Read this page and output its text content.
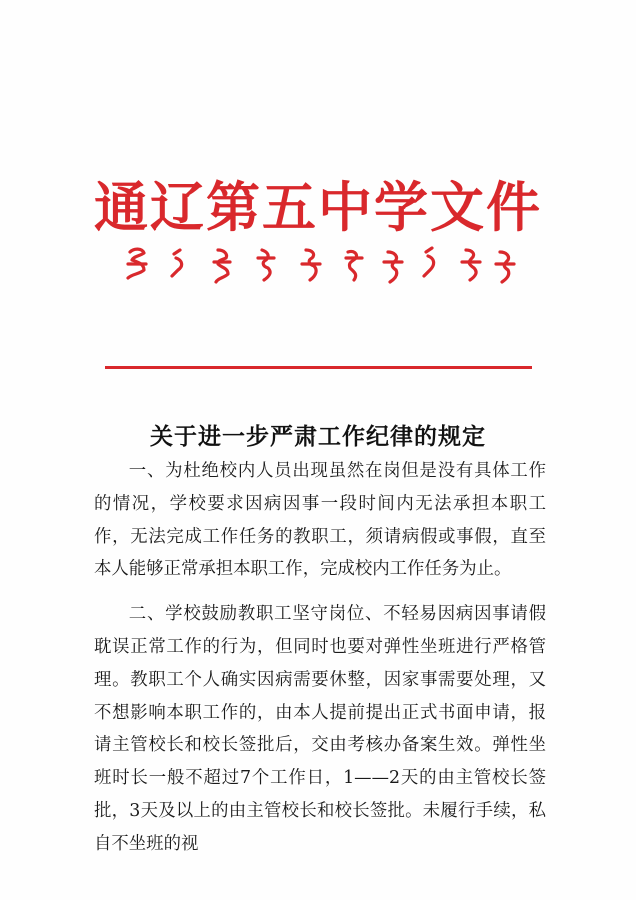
通辽第五中学文件
关于进一步严肃工作纪律的规定

一、为杜绝校内人员出现虽然在岗但是没有具体工作的情况，学校要求因病因事一段时间内无法承担本职工作，无法完成工作任务的教职工，须请病假或事假，直至本人能够正常承担本职工作，完成校内工作任务为止。

二、学校鼓励教职工坚守岗位、不轻易因病因事请假耽误正常工作的行为，但同时也要对弹性坐班进行严格管理。教职工个人确实因病需要休整，因家事需要处理，又不想影响本职工作的，由本人提前提出正式书面申请，报请主管校长和校长签批后，交由考核办备案生效。弹性坐班时长一般不超过7个工作日，1——2天的由主管校长签批，3天及以上的由主管校长和校长签批。未履行手续，私自不坐班的视
